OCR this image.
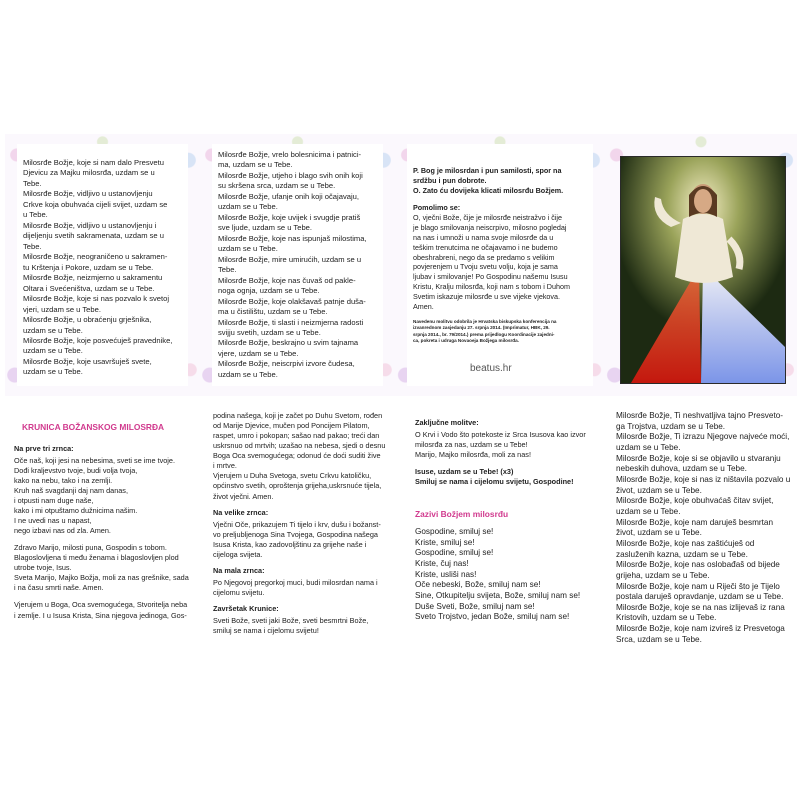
Milosrđe Božje, koje si nam dalo Presvetu

Djevicu za Majku milosrđa, uzdam se u

Tebe.

Milosrđe Božje, vidljivo u ustanovljenju

Crkve koja obuhvaća cijeli svijet, uzdam se

u Tebe.

Milosrđe Božje, vidljivo u ustanovljenju i

dijeljenju svetih sakramenata, uzdam se u

Tebe.

Milosrđe Božje, neograničeno u sakramen-

tu Krštenja i Pokore, uzdam se u Tebe.

Milosrđe Božje, neizmjerno u sakramentu

Oltara i Svećeništva, uzdam se u Tebe.

Milosrđe Božje, koje si nas pozvalo k svetoj

vjeri, uzdam se u Tebe.

Milosrđe Božje, u obraćenju grješnika,

uzdam se u Tebe.

Milosrđe Božje, koje posvećuješ pravednike,

uzdam se u Tebe.

Milosrđe Božje, koje usavršuješ svete,

uzdam se u Tebe.

Milosrđe Božje, vrelo bolesnicima i patnici-

ma, uzdam se u Tebe.

Milosrđe Božje, utjeho i blago svih onih koji

su skršena srca, uzdam se u Tebe.

Milosrđe Božje, ufanje onih koji očajavaju,

uzdam se u Tebe.

Milosrđe Božje, koje uvijek i svugdje pratiš

sve ljude, uzdam se u Tebe.

Milosrđe Božje, koje nas ispunjaš milostima,

uzdam se u Tebe.

Milosrđe Božje, mire umirućih, uzdam se u

Tebe.

Milosrđe Božje, koje nas čuvaš od pakle-

noga ognja, uzdam se u Tebe.

Milosrđe Božje, koje olakšavaš patnje duša-

ma u čistilištu, uzdam se u Tebe.

Milosrđe Božje, ti slasti i neizmjerna radosti

svijju svetih, uzdam se u Tebe.

Milosrđe Božje, beskrajno u svim tajnama

vjere, uzdam se u Tebe.

Milosrđe Božje, neiscrpivi izvore čudesa,

uzdam se u Tebe.

P. Bog je milosrdan i pun samilosti, spor na

srdžbu i pun dobrote.

O. Zato ću dovijeka klicati milosrđu Božjem.

Pomolimo se:

O, vječni Bože, čije je milosrđe neistražvo i čije

je blago smilovanja neiscrpivo, milosno pogledaj

na nas i umnoži u nama svoje milosrđe da u

teškim trenutcima ne očajavamo i ne budemo

obeshrabreni, nego da se predamo s velikim

povjerenjem u Tvoju svetu volju, koja je sama

ljubav i smilovanje! Po Gospodinu našemu Isusu

Kristu, Kralju milosrđa, koji nam s tobom i Duhom

Svetim iskazuje milosrđe u sve vijeke vjekova.

Amen.

Navedenu molitvu odobrila je Hrvatska biskupska konferencija na

izvanrednom zasjedanju 27. srpnja 2014. (Imprimatur, HBK, 29.

srpnja 2014., br. 79/2014.) prema prijedlogu Koordinacije zajedni-

ca, pokreta i udruga Novaoeja Božjega milosrđa.

beatus.hr

KRUNICA BOŽANSKOG MILOSRĐA

Na prve tri zrnca:

Oče naš, koji jesi na nebesima, sveti se ime tvoje.

Dođi kraljevstvo tvoje, budi volja tvoja,

kako na nebu, tako i na zemlji.

Kruh naš svagdanji daj nam danas,

i otpusti nam duge naše,

kako i mi otpuštamo dužnicima našim.

I ne uvedi nas u napast,

nego izbavi nas od zla. Amen.

Zdravo Marijo, milosti puna, Gospodin s tobom.

Blagoslovljena ti među ženama i blagoslovljen plod

utrobe tvoje, Isus.

Sveta Marijo, Majko Božja, moli za nas grešnike, sada

i na času smrti naše. Amen.

Vjerujem u Boga, Oca svemogućega, Stvoritelja neba

i zemlje. I u Isusa Krista, Sina njegova jedinoga, Gos-

podina našega, koji je začet po Duhu Svetom, rođen

od Marije Djevice, mučen pod Poncijem Pilatom,

raspet, umro i pokopan; sašao nad pakao; treći dan

uskrsnuo od mrtvih; uzašao na nebesa, sjedi o desnu

Boga Oca svemogućega; odonud će doći suditi žive

i mrtve.

Vjerujem u Duha Svetoga, svetu Crkvu katoličku,

općinstvo svetih, oproštenja grijeha,uskrsnuće tijela,

život vječni. Amen.

Na velike zrnca:

Vječni Oče, prikazujem Ti tijelo i krv, dušu i božanst-

vo preljubljenoga Sina Tvojega, Gospodina našega

Isusa Krista, kao zadovoljštinu za grijehe naše i

cijeloga svijeta.

Na mala zrnca:

Po Njegovoj pregorkoj muci, budi milosrdan nama i

cijelomu svijetu.

Završetak Krunice:

Sveti Bože, sveti jaki Bože, sveti besmrtni Bože,

smiluj se nama i cijelomu svijetu!

Zaključne molitve:

O Krvi i Vodo što potekoste iz Srca Isusova kao izvor

milosrđa za nas, uzdam se u Tebe!

Marijo, Majko milosrđa, moli za nas!

Isuse, uzdam se u Tebe! (x3)

Smiluj se nama i cijelomu svijetu, Gospodine!

Zazivi Božjem milosrđu

Gospodine, smiluj se!

Kriste, smiluj se!

Gospodine, smiluj se!

Kriste, čuj nas!

Kriste, usliši nas!

Oče nebeski, Bože, smiluj nam se!

Sine, Otkupitelju svijeta, Bože, smiluj nam se!

Duše Sveti, Bože, smiluj nam se!

Sveto Trojstvo, jedan Bože, smiluj nam se!

Milosrđe Božje, Ti neshvatljiva tajno Presveto-

ga Trojstva, uzdam se u Tebe.

Milosrđe Božje, Ti izrazu Njegove najveće moći,

uzdam se u Tebe.

Milosrđe Božje, koje si se objavilo u stvaranju

nebeskih duhova, uzdam se u Tebe.

Milosrđe Božje, koje si nas iz ništavila pozvalo u

život, uzdam se u Tebe.

Milosrđe Božje, koje obuhvaćaš čitav svijet,

uzdam se u Tebe.

Milosrđe Božje, koje nam daruješ besmrtan

život, uzdam se u Tebe.

Milosrđe Božje, koje nas zaštićuješ od

zasluženih kazna, uzdam se u Tebe.

Milosrđe Božje, koje nas oslobađaš od bijede

grijeha, uzdam se u Tebe.

Milosrđe Božje, koje nam u Riječi što je Tijelo

postala daruješ opravdanje, uzdam se u Tebe.

Milosrđe Božje, koje se na nas izlijevaš iz rana

Kristovih, uzdam se u Tebe.

Milosrđe Božje, koje nam izvireš iz Presvetoga

Srca, uzdam se u Tebe.
